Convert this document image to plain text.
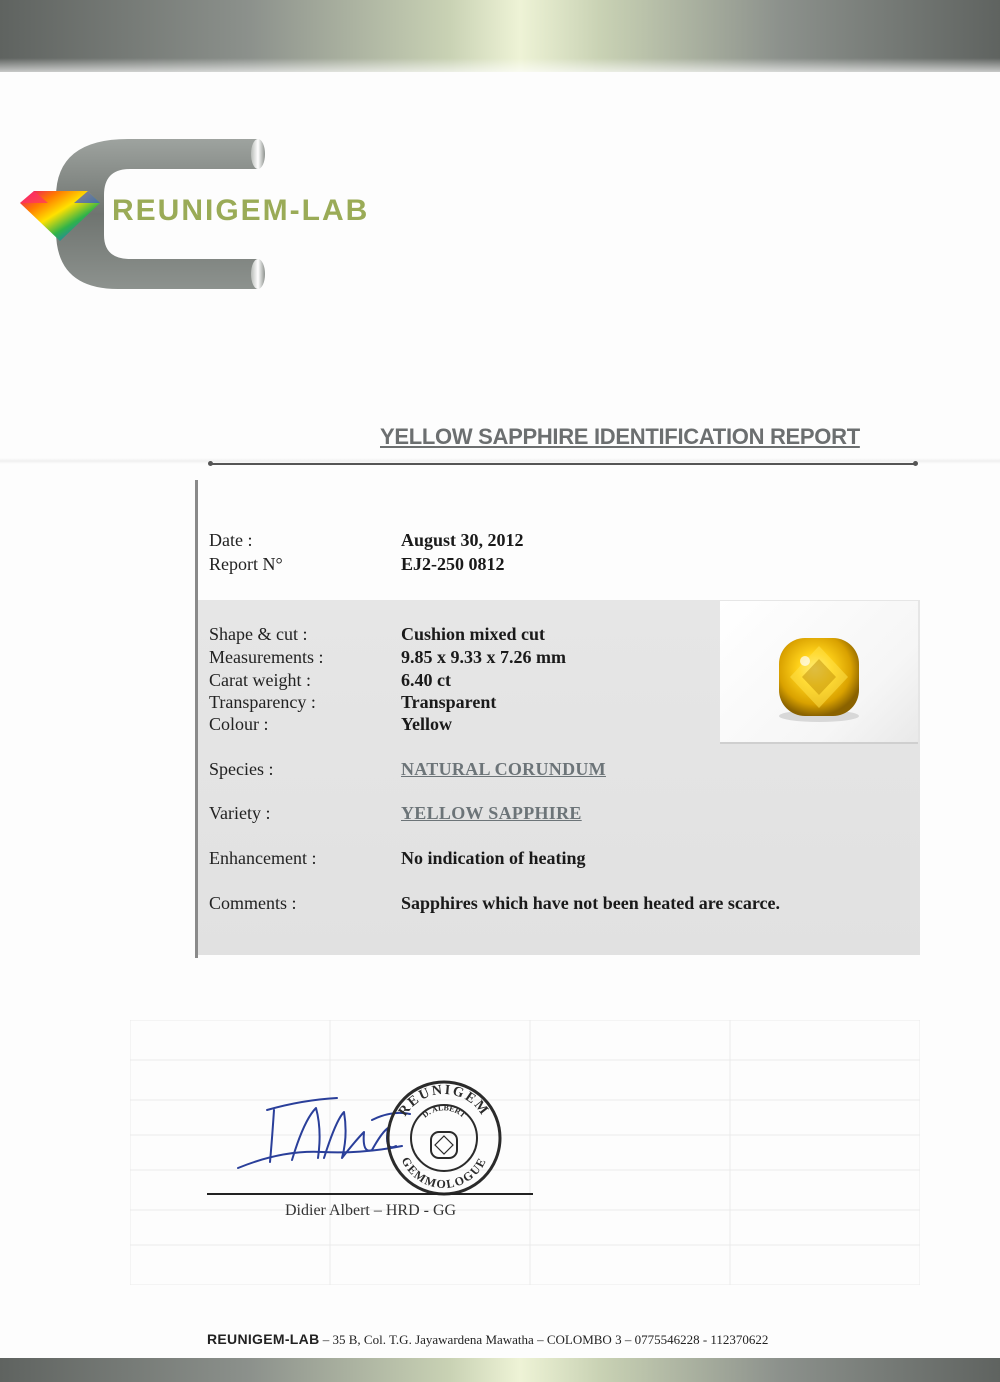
REUNIGEM-LAB
YELLOW SAPPHIRE IDENTIFICATION REPORT
Date :	August 30, 2012
Report N°	EJ2-250 0812
Shape & cut :	Cushion mixed cut
Measurements :	9.85 x 9.33 x 7.26 mm
Carat weight :	6.40 ct
Transparency :	Transparent
Colour :	Yellow
Species :	NATURAL CORUNDUM
Variety :	YELLOW SAPPHIRE
Enhancement :	No indication of heating
Comments :	Sapphires which have not been heated are scarce.
REUNIGEM
GEMMOLOGUE
D. ALBERT
Didier Albert – HRD - GG
REUNIGEM-LAB – 35 B, Col. T.G. Jayawardena Mawatha – COLOMBO 3 – 0775546228 - 112370622
